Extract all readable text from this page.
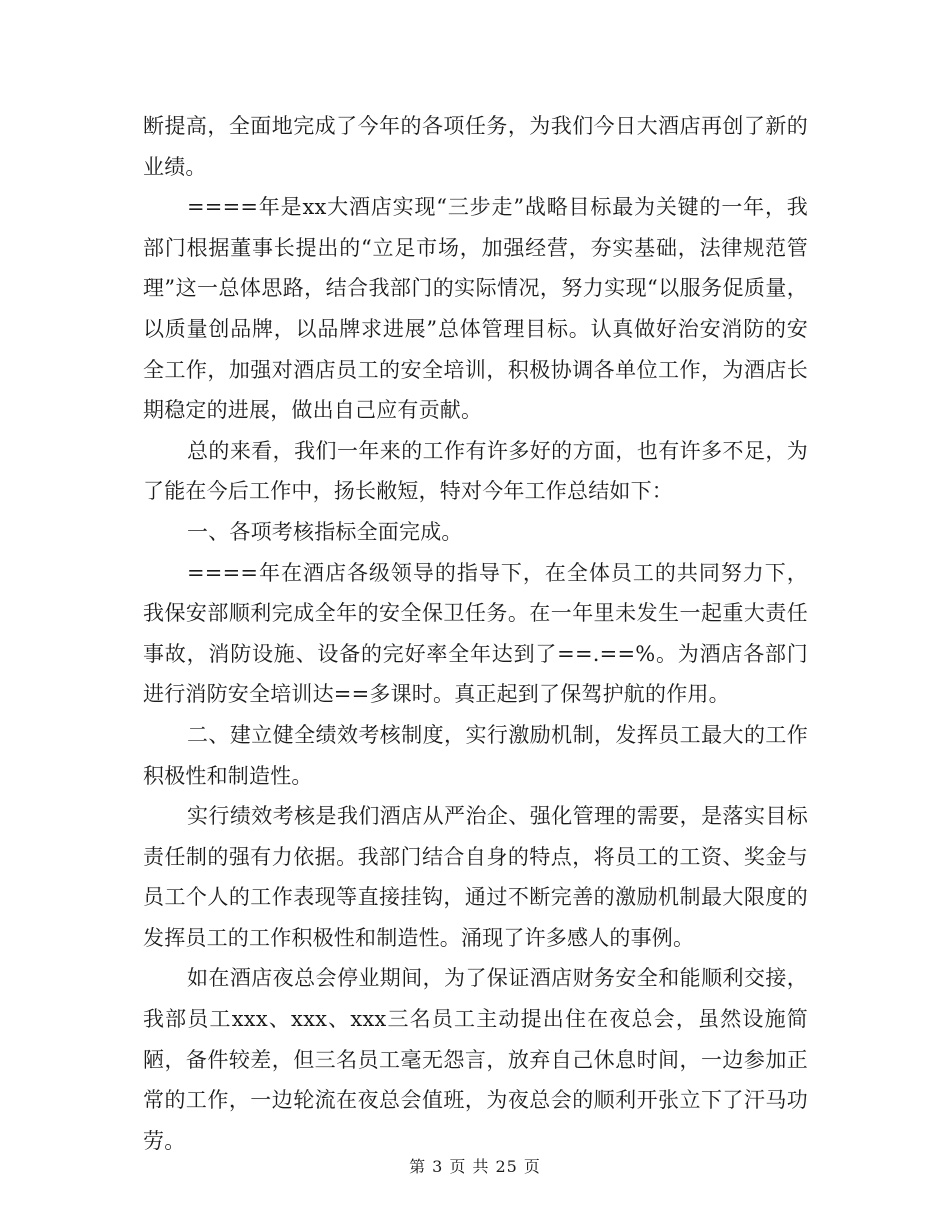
断提高，全面地完成了今年的各项任务，为我们今日大酒店再创了新的业绩。

====年是xx大酒店实现“三步走”战略目标最为关键的一年，我部门根据董事长提出的“立足市场，加强经营，夯实基础，法律规范管理”这一总体思路，结合我部门的实际情况，努力实现“以服务促质量，以质量创品牌，以品牌求进展”总体管理目标。认真做好治安消防的安全工作，加强对酒店员工的安全培训，积极协调各单位工作，为酒店长期稳定的进展，做出自己应有贡献。

总的来看，我们一年来的工作有许多好的方面，也有许多不足，为了能在今后工作中，扬长敝短，特对今年工作总结如下：

一、各项考核指标全面完成。

====年在酒店各级领导的指导下，在全体员工的共同努力下，我保安部顺利完成全年的安全保卫任务。在一年里未发生一起重大责任事故，消防设施、设备的完好率全年达到了==.==%。为酒店各部门进行消防安全培训达==多课时。真正起到了保驾护航的作用。

二、建立健全绩效考核制度，实行激励机制，发挥员工最大的工作积极性和制造性。

实行绩效考核是我们酒店从严治企、强化管理的需要，是落实目标责任制的强有力依据。我部门结合自身的特点，将员工的工资、奖金与员工个人的工作表现等直接挂钩，通过不断完善的激励机制最大限度的发挥员工的工作积极性和制造性。涌现了许多感人的事例。

如在酒店夜总会停业期间，为了保证酒店财务安全和能顺利交接，我部员工xxx、xxx、xxx三名员工主动提出住在夜总会，虽然设施简陋，备件较差，但三名员工毫无怨言，放弃自己休息时间，一边参加正常的工作，一边轮流在夜总会值班，为夜总会的顺利开张立下了汗马功劳。

第 3 页 共 25 页
